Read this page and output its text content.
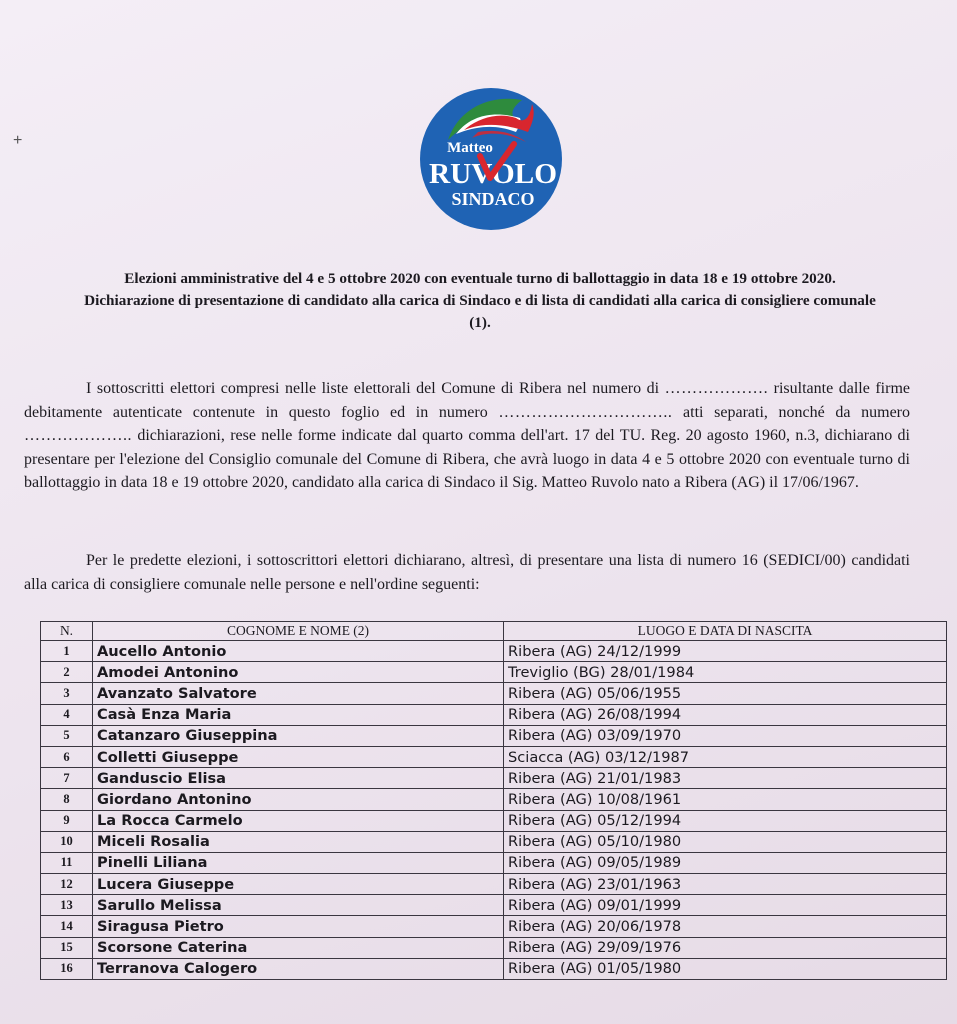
+	Matteo
RUVOLO
SINDACO
Elezioni amministrative del 4 e 5 ottobre 2020 con eventuale turno di ballottaggio in data 18 e 19 ottobre 2020.
Dichiarazione di presentazione di candidato alla carica di Sindaco e di lista di candidati alla carica di consigliere comunale
(1).
I sottoscritti elettori compresi nelle liste elettorali del Comune di Ribera nel numero di ………………. risultante dalle firme debitamente autenticate contenute in questo foglio ed in numero ………………………….. atti separati, nonché da numero ……………….. dichiarazioni, rese nelle forme indicate dal quarto comma dell'art. 17 del TU. Reg. 20 agosto 1960, n.3, dichiarano di presentare per l'elezione del Consiglio comunale del Comune di Ribera, che avrà luogo in data 4 e 5 ottobre 2020 con eventuale turno di ballottaggio in data 18 e 19 ottobre 2020, candidato alla carica di Sindaco il Sig. Matteo Ruvolo nato a Ribera (AG) il 17/06/1967.
Per le predette elezioni, i sottoscrittori elettori dichiarano, altresì, di presentare una lista di numero 16 (SEDICI/00) candidati alla carica di consigliere comunale nelle persone e nell'ordine seguenti:
N.	COGNOME E NOME (2)	LUOGO E DATA DI NASCITA
1	Aucello Antonio	Ribera (AG) 24/12/1999
2	Amodei Antonino	Treviglio (BG) 28/01/1984
3	Avanzato Salvatore	Ribera (AG) 05/06/1955
4	Casà Enza Maria	Ribera (AG) 26/08/1994
5	Catanzaro Giuseppina	Ribera (AG) 03/09/1970
6	Colletti Giuseppe	Sciacca (AG) 03/12/1987
7	Ganduscio Elisa	Ribera (AG) 21/01/1983
8	Giordano Antonino	Ribera (AG) 10/08/1961
9	La Rocca Carmelo	Ribera (AG) 05/12/1994
10	Miceli Rosalia	Ribera (AG) 05/10/1980
11	Pinelli Liliana	Ribera (AG) 09/05/1989
12	Lucera Giuseppe	Ribera (AG) 23/01/1963
13	Sarullo Melissa	Ribera (AG) 09/01/1999
14	Siragusa Pietro	Ribera (AG) 20/06/1978
15	Scorsone Caterina	Ribera (AG) 29/09/1976
16	Terranova Calogero	Ribera (AG) 01/05/1980
